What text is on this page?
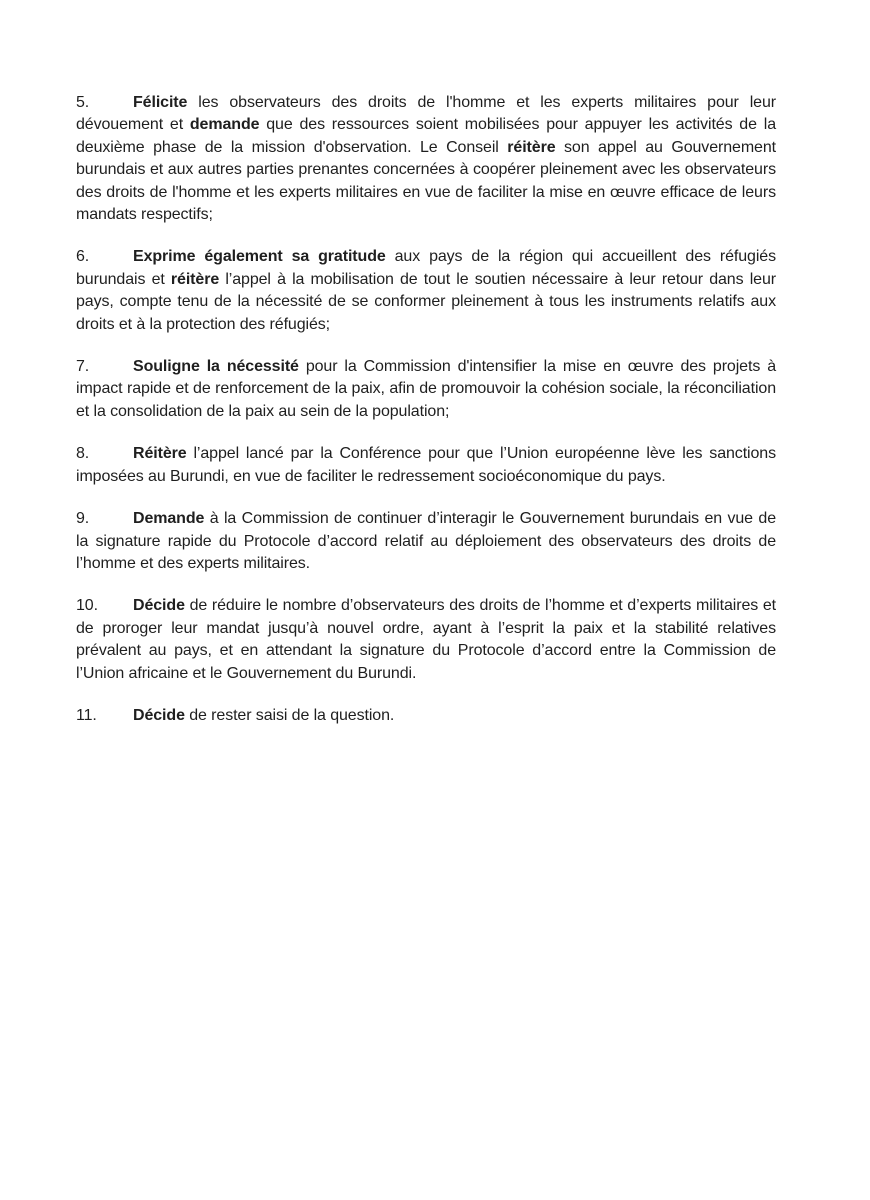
5.	Félicite les observateurs des droits de l'homme et les experts militaires pour leur dévouement et demande que des ressources soient mobilisées pour appuyer les activités de la deuxième phase de la mission d'observation. Le Conseil réitère son appel au Gouvernement burundais et aux autres parties prenantes concernées à coopérer pleinement avec les observateurs des droits de l'homme et les experts militaires en vue de faciliter la mise en œuvre efficace de leurs mandats respectifs;

6.	Exprime également sa gratitude aux pays de la région qui accueillent des réfugiés burundais et réitère l’appel à la mobilisation de tout le soutien nécessaire à leur retour dans leur pays, compte tenu de la nécessité de se conformer pleinement à tous les instruments relatifs aux droits et à la protection des réfugiés;

7.	Souligne la nécessité pour la Commission d'intensifier la mise en œuvre des projets à impact rapide et de renforcement de la paix, afin de promouvoir la cohésion sociale, la réconciliation et la consolidation de la paix au sein de la population;

8.	Réitère l’appel lancé par la Conférence pour que l’Union européenne lève les sanctions imposées au Burundi, en vue de faciliter le redressement socioéconomique du pays.

9.	Demande à la Commission de continuer d’interagir le Gouvernement burundais en vue de la signature rapide du Protocole d’accord relatif au déploiement des observateurs des droits de l’homme et des experts militaires.

10. Décide de réduire le nombre d’observateurs des droits de l’homme et d’experts militaires et de proroger leur mandat jusqu’à nouvel ordre, ayant à l’esprit la paix et la stabilité relatives prévalent au pays, et en attendant la signature du Protocole d’accord entre la Commission de l’Union africaine et le Gouvernement du Burundi.

11. Décide de rester saisi de la question.
